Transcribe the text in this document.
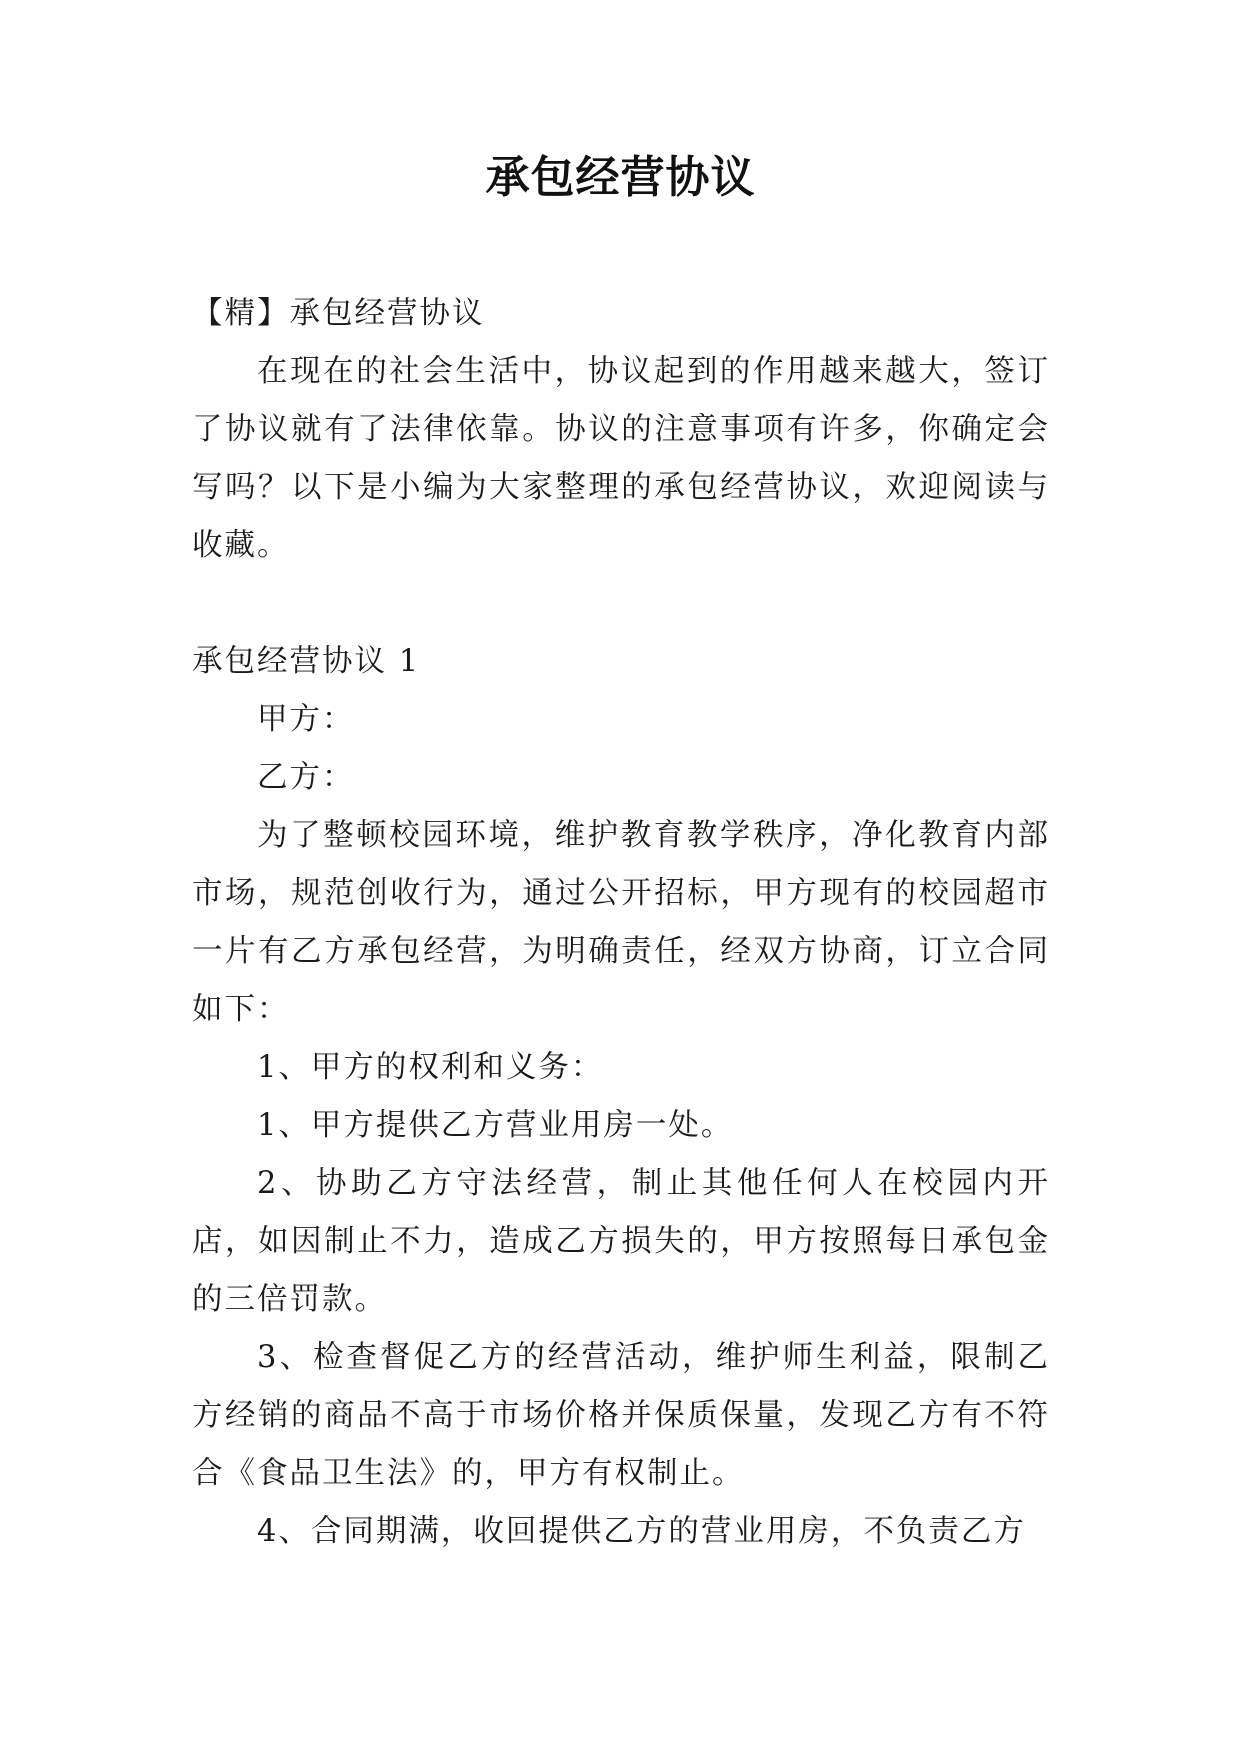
承包经营协议

【精】承包经营协议

在现在的社会生活中，协议起到的作用越来越大，签订了协议就有了法律依靠。协议的注意事项有许多，你确定会写吗？以下是小编为大家整理的承包经营协议，欢迎阅读与收藏。

承包经营协议 1

甲方：

乙方：

为了整顿校园环境，维护教育教学秩序，净化教育内部市场，规范创收行为，通过公开招标，甲方现有的校园超市一片有乙方承包经营，为明确责任，经双方协商，订立合同如下：

1、甲方的权利和义务：

1、甲方提供乙方营业用房一处。

2、协助乙方守法经营，制止其他任何人在校园内开店，如因制止不力，造成乙方损失的，甲方按照每日承包金的三倍罚款。

3、检查督促乙方的经营活动，维护师生利益，限制乙方经销的商品不高于市场价格并保质保量，发现乙方有不符合《食品卫生法》的，甲方有权制止。

4、合同期满，收回提供乙方的营业用房，不负责乙方
